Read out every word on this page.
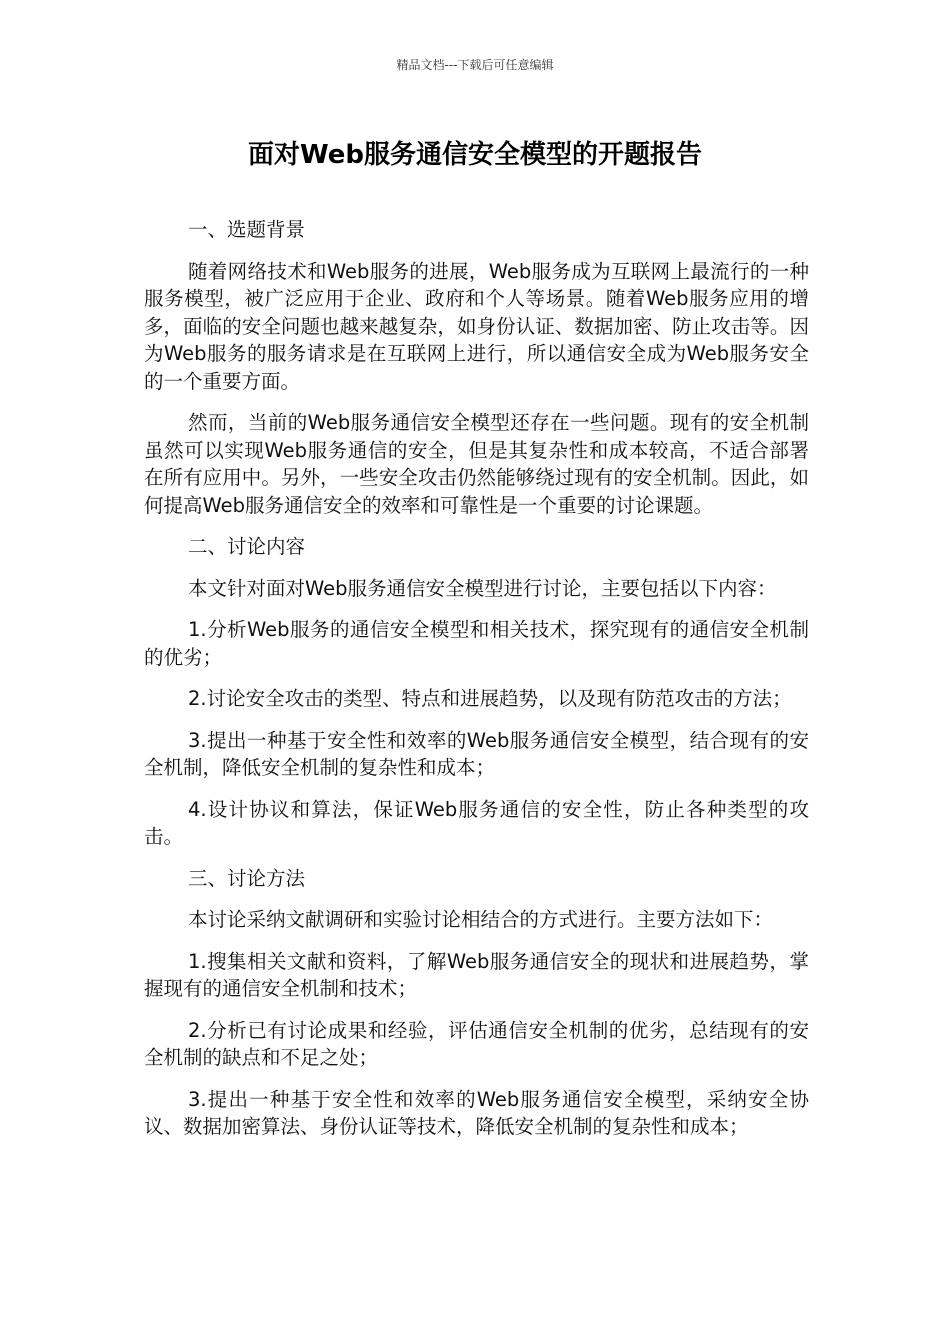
精品文档---下载后可任意编辑
面对Web服务通信安全模型的开题报告

一、选题背景

随着网络技术和Web服务的进展，Web服务成为互联网上最流行的一种服务模型，被广泛应用于企业、政府和个人等场景。随着Web服务应用的增多，面临的安全问题也越来越复杂，如身份认证、数据加密、防止攻击等。因为Web服务的服务请求是在互联网上进行，所以通信安全成为Web服务安全的一个重要方面。

然而，当前的Web服务通信安全模型还存在一些问题。现有的安全机制虽然可以实现Web服务通信的安全，但是其复杂性和成本较高，不适合部署在所有应用中。另外，一些安全攻击仍然能够绕过现有的安全机制。因此，如何提高Web服务通信安全的效率和可靠性是一个重要的讨论课题。

二、讨论内容

本文针对面对Web服务通信安全模型进行讨论，主要包括以下内容：

1.分析Web服务的通信安全模型和相关技术，探究现有的通信安全机制的优劣；

2.讨论安全攻击的类型、特点和进展趋势，以及现有防范攻击的方法；

3.提出一种基于安全性和效率的Web服务通信安全模型，结合现有的安全机制，降低安全机制的复杂性和成本；

4.设计协议和算法，保证Web服务通信的安全性，防止各种类型的攻击。

三、讨论方法

本讨论采纳文献调研和实验讨论相结合的方式进行。主要方法如下：

1.搜集相关文献和资料，了解Web服务通信安全的现状和进展趋势，掌握现有的通信安全机制和技术；

2.分析已有讨论成果和经验，评估通信安全机制的优劣，总结现有的安全机制的缺点和不足之处；

3.提出一种基于安全性和效率的Web服务通信安全模型，采纳安全协议、数据加密算法、身份认证等技术，降低安全机制的复杂性和成本；
